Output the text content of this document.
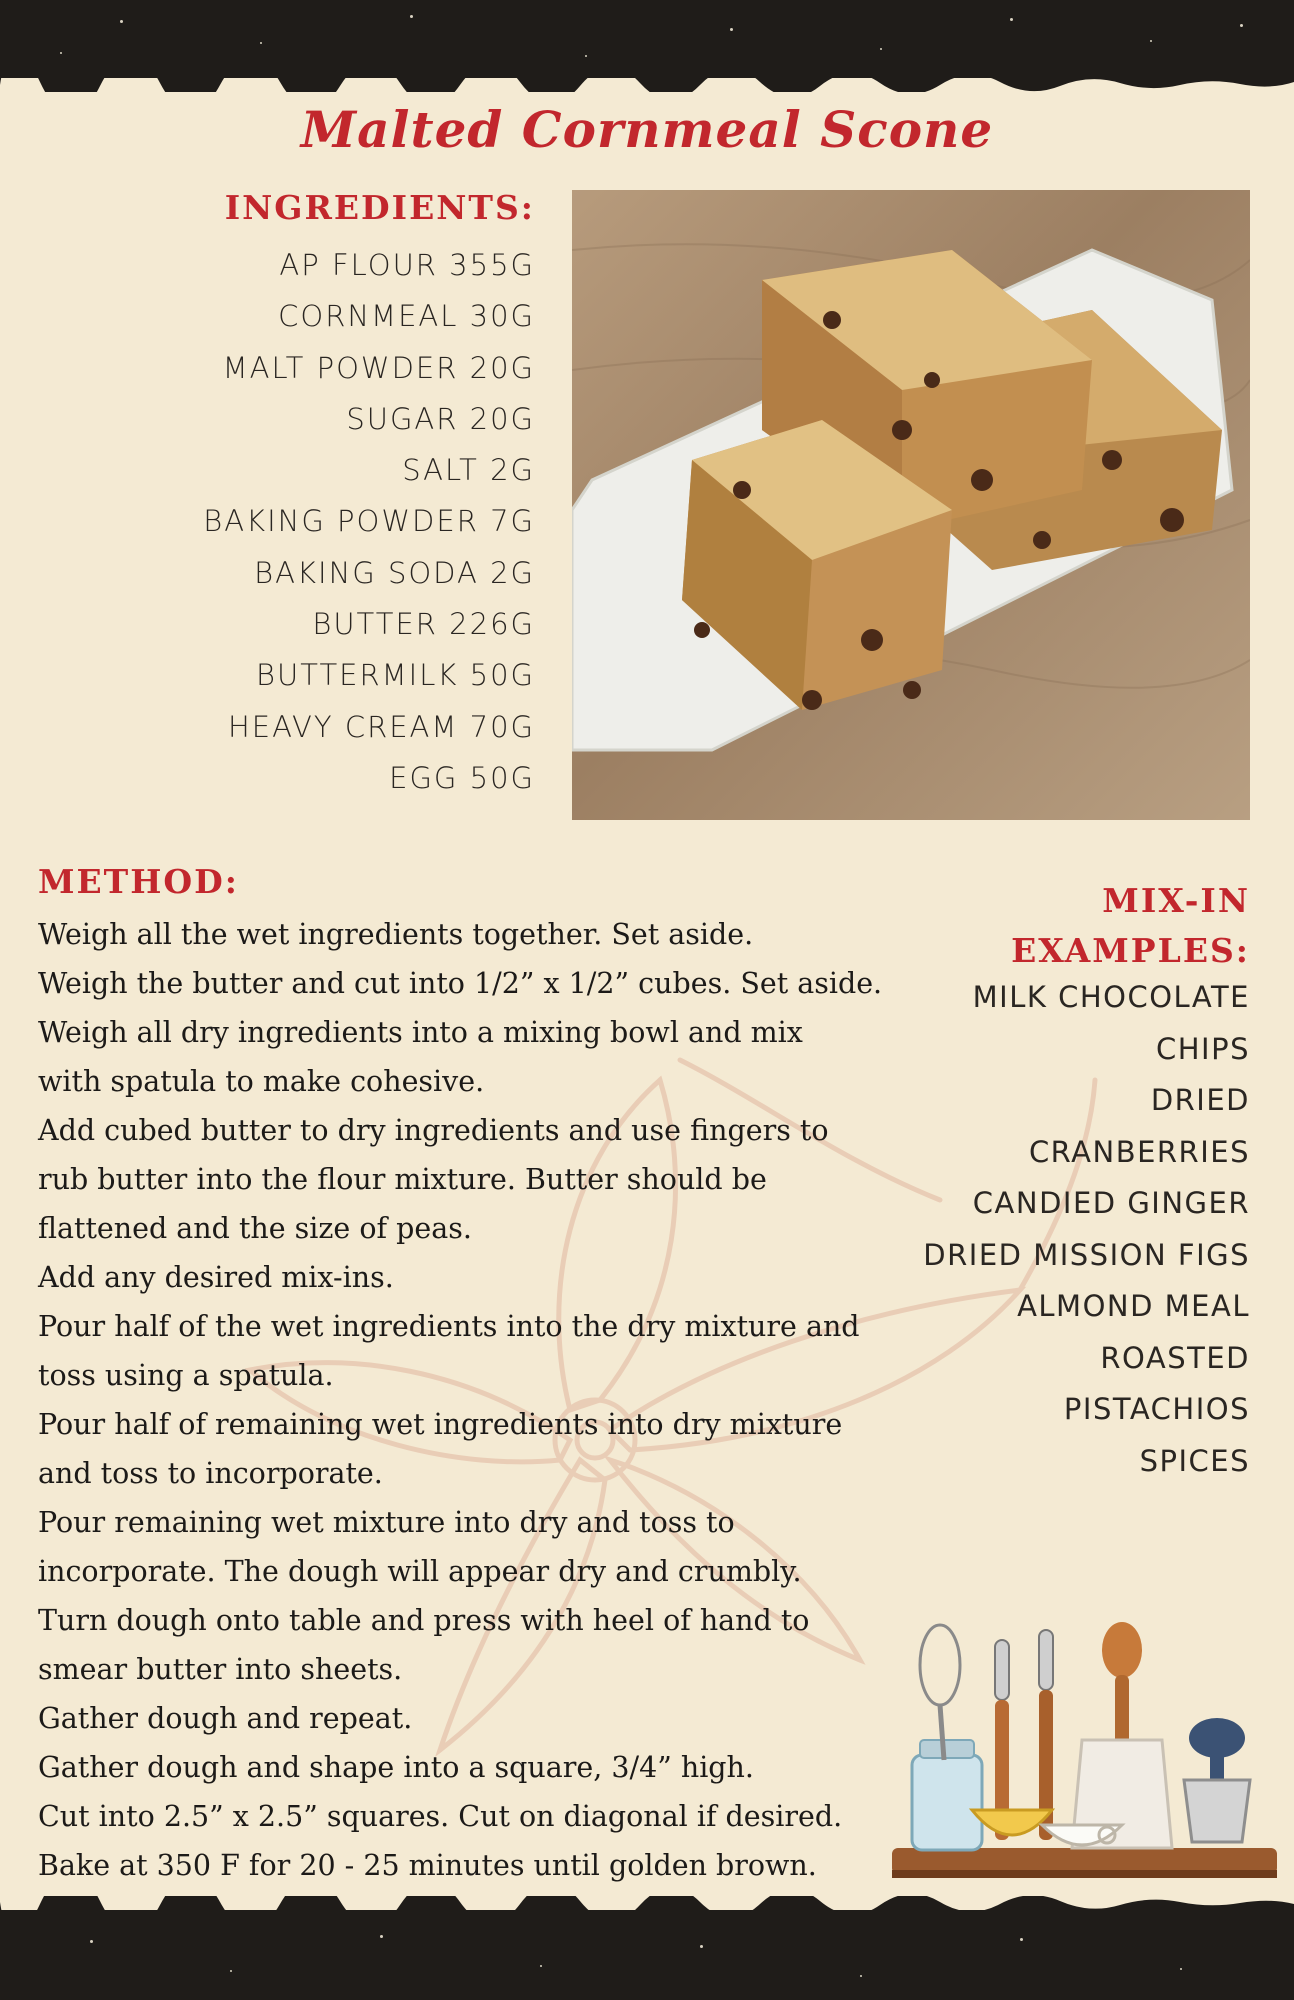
Malted Cornmeal Scone
INGREDIENTS:
AP FLOUR 355G
CORNMEAL 30G
MALT POWDER 20G
SUGAR 20G
SALT 2G
BAKING POWDER 7G
BAKING SODA 2G
BUTTER 226G
BUTTERMILK 50G
HEAVY CREAM 70G
EGG 50G
METHOD:
Weigh all the wet ingredients together. Set aside.
Weigh the butter and cut into 1/2” x 1/2” cubes. Set aside.
Weigh all dry ingredients into a mixing bowl and mix
with spatula to make cohesive.
Add cubed butter to dry ingredients and use fingers to
rub butter into the flour mixture. Butter should be
flattened and the size of peas.
Add any desired mix-ins.
Pour half of the wet ingredients into the dry mixture and
toss using a spatula.
Pour half of remaining wet ingredients into dry mixture
and toss to incorporate.
Pour remaining wet mixture into dry and toss to
incorporate. The dough will appear dry and crumbly.
Turn dough onto table and press with heel of hand to
smear butter into sheets.
Gather dough and repeat.
Gather dough and shape into a square, 3/4” high.
Cut into 2.5” x 2.5” squares. Cut on diagonal if desired.
Bake at 350 F for 20 - 25 minutes until golden brown.
MIX-IN
EXAMPLES:
MILK CHOCOLATE CHIPS
DRIED CRANBERRIES
CANDIED GINGER
DRIED MISSION FIGS
ALMOND MEAL
ROASTED PISTACHIOS
SPICES
